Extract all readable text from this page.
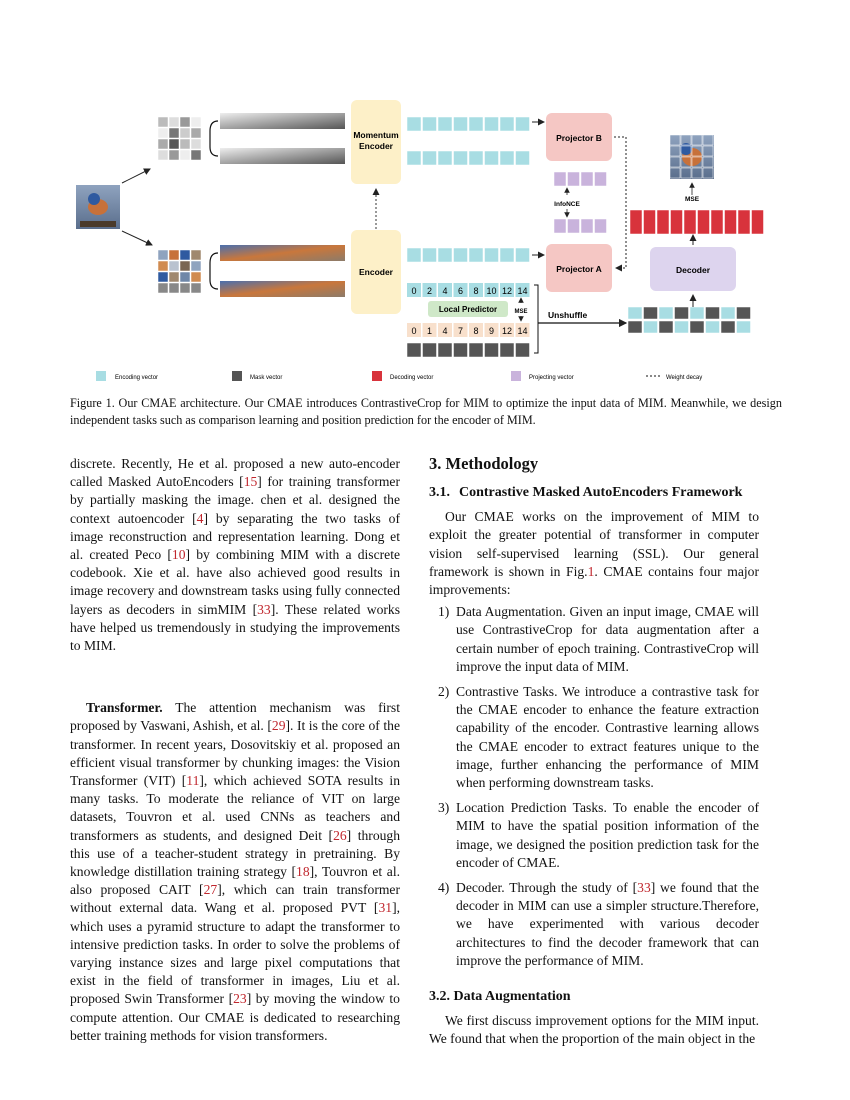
Momentum
Encoder
Encoder
Projector B
Projector A
InfoNCE
MSE
Decoder
0 2 4 6 8 10 12 14
Local Predictor	MSE
0 1 4 7 8 9 12 14
Unshuffle
Encoding vector	Mask vector	Decoding vector	Projecting vector	Weight decay
Figure 1. Our CMAE architecture. Our CMAE introduces ContrastiveCrop for MIM to optimize the input data of MIM. Meanwhile, we design independent tasks such as comparison learning and position prediction for the encoder of MIM.

discrete. Recently, He et al. proposed a new auto-encoder called Masked AutoEncoders [15] for training transformer by partially masking the image. chen et al. designed the context autoencoder [4] by separating the two tasks of image reconstruction and representation learning. Dong et al. created Peco [10] by combining MIM with a discrete codebook. Xie et al. have also achieved good results in image recovery and downstream tasks using fully connected layers as decoders in simMIM [33]. These related works have helped us tremendously in studying the improvements to MIM.

Transformer. The attention mechanism was first proposed by Vaswani, Ashish, et al. [29]. It is the core of the transformer. In recent years, Dosovitskiy et al. proposed an efficient visual transformer by chunking images: the Vision Transformer (VIT) [11], which achieved SOTA results in many tasks. To moderate the reliance of VIT on large datasets, Touvron et al. used CNNs as teachers and transformers as students, and designed Deit [26] through this use of a teacher-student strategy in pretraining. By knowledge distillation training strategy [18], Touvron et al. also proposed CAIT [27], which can train transformer without external data. Wang et al. proposed PVT [31], which uses a pyramid structure to adapt the transformer to intensive prediction tasks. In order to solve the problems of varying instance sizes and large pixel computations that exist in the field of transformer in images, Liu et al. proposed Swin Transformer [23] by moving the window to compute attention. Our CMAE is dedicated to researching better training methods for vision transformers.

3. Methodology
3.1. Contrastive Masked AutoEncoders Framework

Our CMAE works on the improvement of MIM to exploit the greater potential of transformer in computer vision self-supervised learning (SSL). Our general framework is shown in Fig.1. CMAE contains four major improvements:

1) Data Augmentation. Given an input image, CMAE will use ContrastiveCrop for data augmentation after a certain number of epoch training. ContrastiveCrop will improve the input data of MIM.
2) Contrastive Tasks. We introduce a contrastive task for the CMAE encoder to enhance the feature extraction capability of the encoder. Contrastive learning allows the CMAE encoder to extract features unique to the image, further enhancing the performance of MIM when performing downstream tasks.
3) Location Prediction Tasks. To enable the encoder of MIM to have the spatial position information of the image, we designed the position prediction task for the encoder of CMAE.
4) Decoder. Through the study of [33] we found that the decoder in MIM can use a simpler structure.Therefore, we have experimented with various decoder architectures to find the decoder framework that can improve the performance of MIM.
3.2. Data Augmentation

We first discuss improvement options for the MIM input. We found that when the proportion of the main object in the
